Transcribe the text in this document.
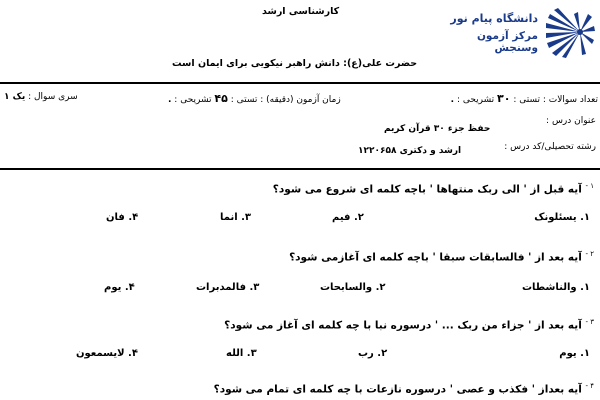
کارشناسی ارشد
حضرت علی(ع): دانش راهبر نیکویی برای ایمان است
دانشگاه پیام نور
مرکز آزمون وسنجش
تعداد سوالات : تستی : ۳۰ تشریحی : .
زمان آزمون (دقیقه) : تستی : ۴۵ تشریحی : .
سری سوال : یک ۱
عنوان درس :
حفظ جزء ۳۰ قرآن کریم
رشته تحصیلی/کد درس :
ارشد و دکتری ۱۲۲۰۶۵۸
$^{۱ -}$ آیه قبل از ' الی ربک منتهاها ' باچه کلمه ای شروع می شود؟
۱. یسئلونک
۲. فیم
۳. انما
۴. فان
$^{۲ -}$ آیه بعد از ' فالسابقات سبقا ' باچه کلمه ای آغازمی شود؟
۱. والناشطات
۲. والسابحات
۳. فالمدبرات
۴. یوم
$^{۳ -}$ آیه بعد از ' جزاء من ربک ... ' درسوره نبا با چه کلمه ای آغاز می شود؟
۱. یوم
۲. رب
۳. الله
۴. لایسمعون
$^{۴ -}$ آیه بعداز ' فکذب و عصی ' درسوره نازعات با چه کلمه ای تمام می شود؟
